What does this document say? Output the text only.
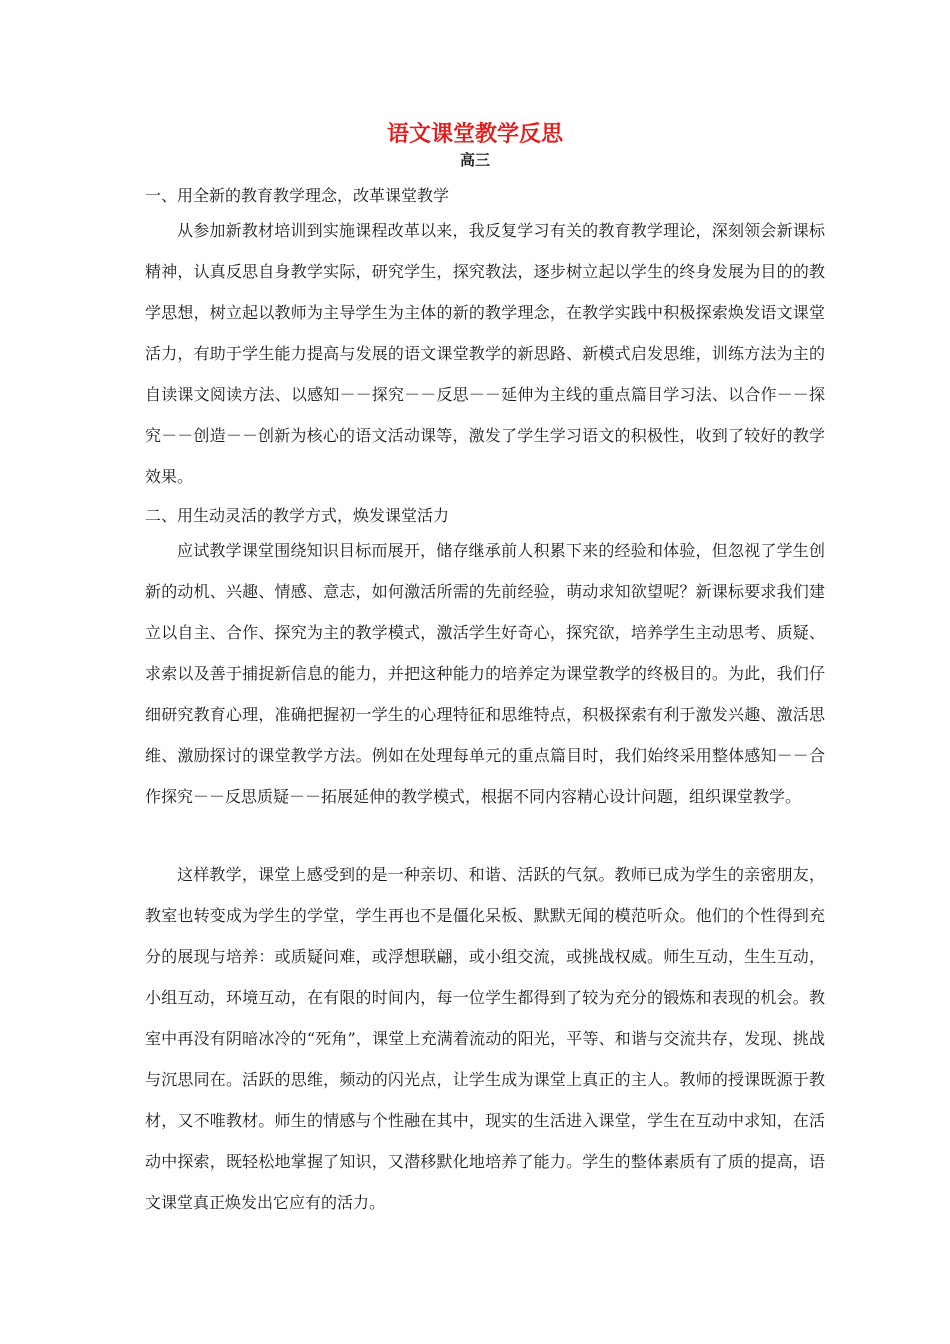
语文课堂教学反思
高三
一、用全新的教育教学理念，改革课堂教学
从参加新教材培训到实施课程改革以来，我反复学习有关的教育教学理论，深刻领会新课标精神，认真反思自身教学实际，研究学生，探究教法，逐步树立起以学生的终身发展为目的的教学思想，树立起以教师为主导学生为主体的新的教学理念，在教学实践中积极探索焕发语文课堂活力，有助于学生能力提高与发展的语文课堂教学的新思路、新模式启发思维，训练方法为主的自读课文阅读方法、以感知－－探究－－反思－－延伸为主线的重点篇目学习法、以合作－－探究－－创造－－创新为核心的语文活动课等，激发了学生学习语文的积极性，收到了较好的教学效果。
二、用生动灵活的教学方式，焕发课堂活力
应试教学课堂围绕知识目标而展开，储存继承前人积累下来的经验和体验，但忽视了学生创新的动机、兴趣、情感、意志，如何激活所需的先前经验，萌动求知欲望呢？新课标要求我们建立以自主、合作、探究为主的教学模式，激活学生好奇心，探究欲，培养学生主动思考、质疑、求索以及善于捕捉新信息的能力，并把这种能力的培养定为课堂教学的终极目的。为此，我们仔细研究教育心理，准确把握初一学生的心理特征和思维特点，积极探索有利于激发兴趣、激活思维、激励探讨的课堂教学方法。例如在处理每单元的重点篇目时，我们始终采用整体感知－－合作探究－－反思质疑－－拓展延伸的教学模式，根据不同内容精心设计问题，组织课堂教学。
这样教学，课堂上感受到的是一种亲切、和谐、活跃的气氛。教师已成为学生的亲密朋友，教室也转变成为学生的学堂，学生再也不是僵化呆板、默默无闻的模范听众。他们的个性得到充分的展现与培养：或质疑问难，或浮想联翩，或小组交流，或挑战权威。师生互动，生生互动，小组互动，环境互动，在有限的时间内，每一位学生都得到了较为充分的锻炼和表现的机会。教室中再没有阴暗冰冷的“死角”，课堂上充满着流动的阳光，平等、和谐与交流共存，发现、挑战与沉思同在。活跃的思维，频动的闪光点，让学生成为课堂上真正的主人。教师的授课既源于教材，又不唯教材。师生的情感与个性融在其中，现实的生活进入课堂，学生在互动中求知，在活动中探索，既轻松地掌握了知识，又潜移默化地培养了能力。学生的整体素质有了质的提高，语文课堂真正焕发出它应有的活力。
